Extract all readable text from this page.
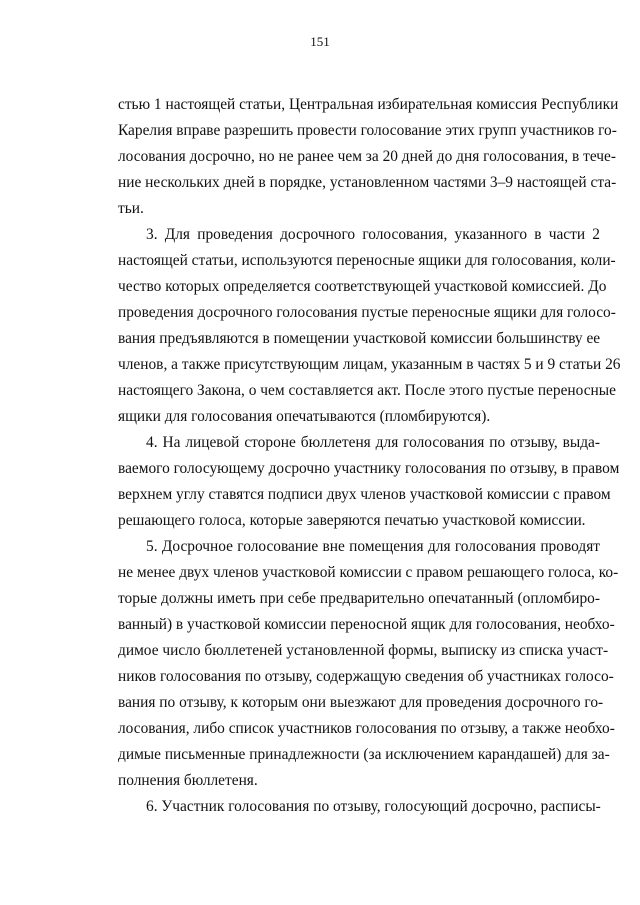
151
стью 1 настоящей статьи, Центральная избирательная комиссия Республики
Карелия вправе разрешить провести голосование этих групп участников го-
лосования досрочно, но не ранее чем за 20 дней до дня голосования, в тече-
ние нескольких дней в порядке, установленном частями 3–9 настоящей ста-
тьи.
3. Для проведения досрочного голосования, указанного в части 2
настоящей статьи, используются переносные ящики для голосования, коли-
чество которых определяется соответствующей участковой комиссией. До
проведения досрочного голосования пустые переносные ящики для голосо-
вания предъявляются в помещении участковой комиссии большинству ее
членов, а также присутствующим лицам, указанным в частях 5 и 9 статьи 26
настоящего Закона, о чем составляется акт. После этого пустые переносные
ящики для голосования опечатываются (пломбируются).
4. На лицевой стороне бюллетеня для голосования по отзыву, выда-
ваемого голосующему досрочно участнику голосования по отзыву, в правом
верхнем углу ставятся подписи двух членов участковой комиссии с правом
решающего голоса, которые заверяются печатью участковой комиссии.
5. Досрочное голосование вне помещения для голосования проводят
не менее двух членов участковой комиссии с правом решающего голоса, ко-
торые должны иметь при себе предварительно опечатанный (опломбиро-
ванный) в участковой комиссии переносной ящик для голосования, необхо-
димое число бюллетеней установленной формы, выписку из списка участ-
ников голосования по отзыву, содержащую сведения об участниках голосо-
вания по отзыву, к которым они выезжают для проведения досрочного го-
лосования, либо список участников голосования по отзыву, а также необхо-
димые письменные принадлежности (за исключением карандашей) для за-
полнения бюллетеня.
6. Участник голосования по отзыву, голосующий досрочно, расписы-
